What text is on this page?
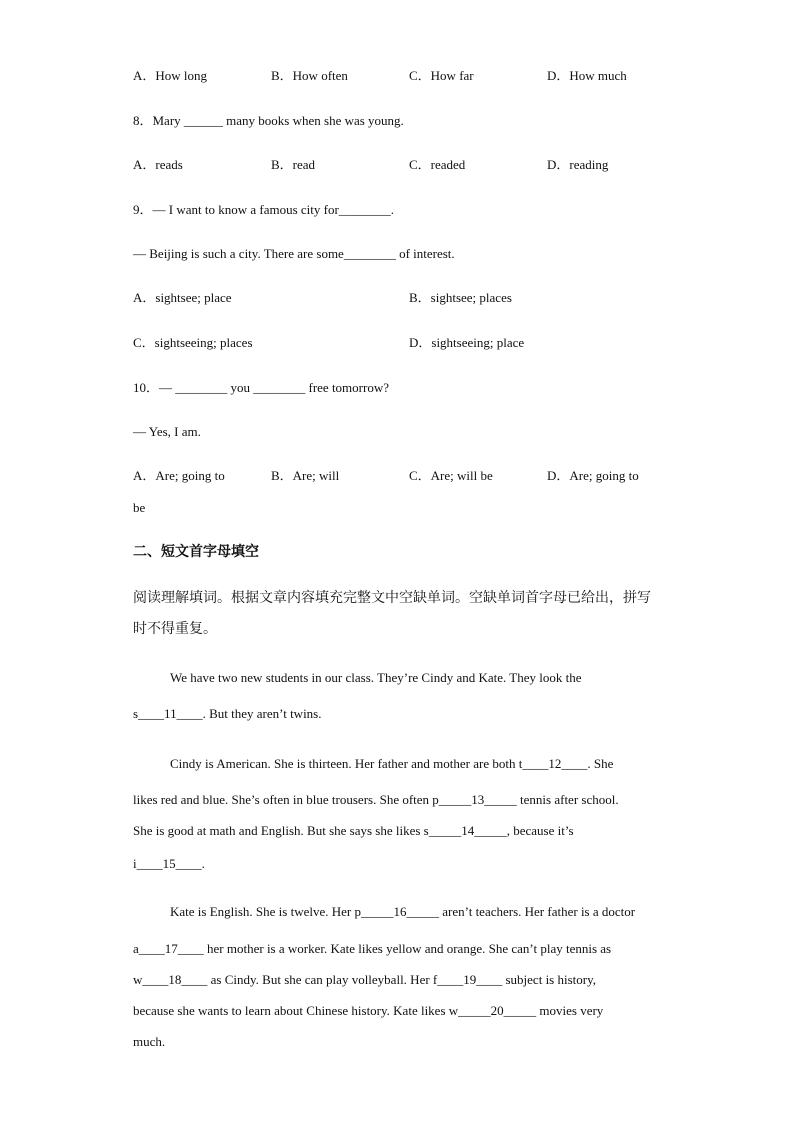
A．How long	B．How often	C．How far	D．How much
8．Mary ______ many books when she was young.
A．reads	B．read	C．readed	D．reading
9．— I want to know a famous city for________.
— Beijing is such a city. There are some________ of interest.
A．sightsee; place	B．sightsee; places
C．sightseeing; places	D．sightseeing; place
10．— ________ you ________ free tomorrow?
— Yes, I am.
A．Are; going to	B．Are; will	C．Are; will be	D．Are; going to
be
二、短文首字母填空
阅读理解填词。根据文章内容填充完整文中空缺单词。空缺单词首字母已给出，拼写
时不得重复。
We have two new students in our class. They’re Cindy and Kate. They look the
s____11____. But they aren’t twins.
Cindy is American. She is thirteen. Her father and mother are both t____12____. She
likes red and blue. She’s often in blue trousers. She often p_____13_____ tennis after school.
She is good at math and English. But she says she likes s_____14_____, because it’s
i____15____.
Kate is English. She is twelve. Her p_____16_____ aren’t teachers. Her father is a doctor
a____17____ her mother is a worker. Kate likes yellow and orange. She can’t play tennis as
w____18____ as Cindy. But she can play volleyball. Her f____19____ subject is history,
because she wants to learn about Chinese history. Kate likes w_____20_____ movies very
much.
